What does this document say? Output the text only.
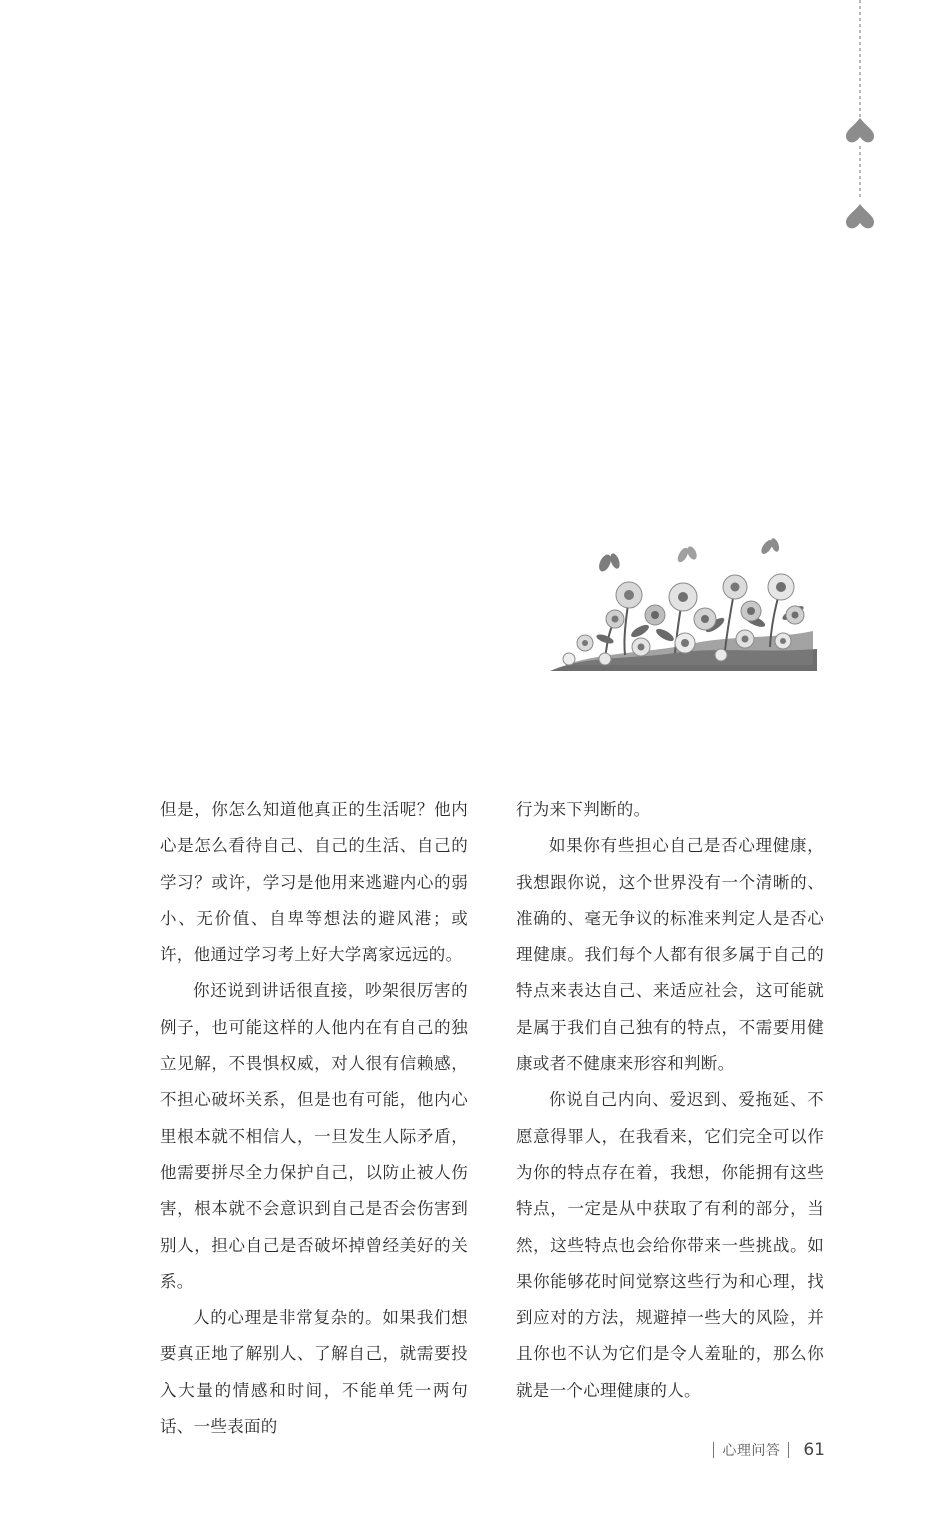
但是，你怎么知道他真正的生活呢？他内心是怎么看待自己、自己的生活、自己的学习？或许，学习是他用来逃避内心的弱小、无价值、自卑等想法的避风港；或许，他通过学习考上好大学离家远远的。

你还说到讲话很直接，吵架很厉害的例子，也可能这样的人他内在有自己的独立见解，不畏惧权威，对人很有信赖感，不担心破坏关系，但是也有可能，他内心里根本就不相信人，一旦发生人际矛盾，他需要拼尽全力保护自己，以防止被人伤害，根本就不会意识到自己是否会伤害到别人，担心自己是否破坏掉曾经美好的关系。

人的心理是非常复杂的。如果我们想要真正地了解别人、了解自己，就需要投入大量的情感和时间，不能单凭一两句话、一些表面的

行为来下判断的。

如果你有些担心自己是否心理健康，我想跟你说，这个世界没有一个清晰的、准确的、毫无争议的标准来判定人是否心理健康。我们每个人都有很多属于自己的特点来表达自己、来适应社会，这可能就是属于我们自己独有的特点，不需要用健康或者不健康来形容和判断。

你说自己内向、爱迟到、爱拖延、不愿意得罪人，在我看来，它们完全可以作为你的特点存在着，我想，你能拥有这些特点，一定是从中获取了有利的部分，当然，这些特点也会给你带来一些挑战。如果你能够花时间觉察这些行为和心理，找到应对的方法，规避掉一些大的风险，并且你也不认为它们是令人羞耻的，那么你就是一个心理健康的人。

心理问答 61
